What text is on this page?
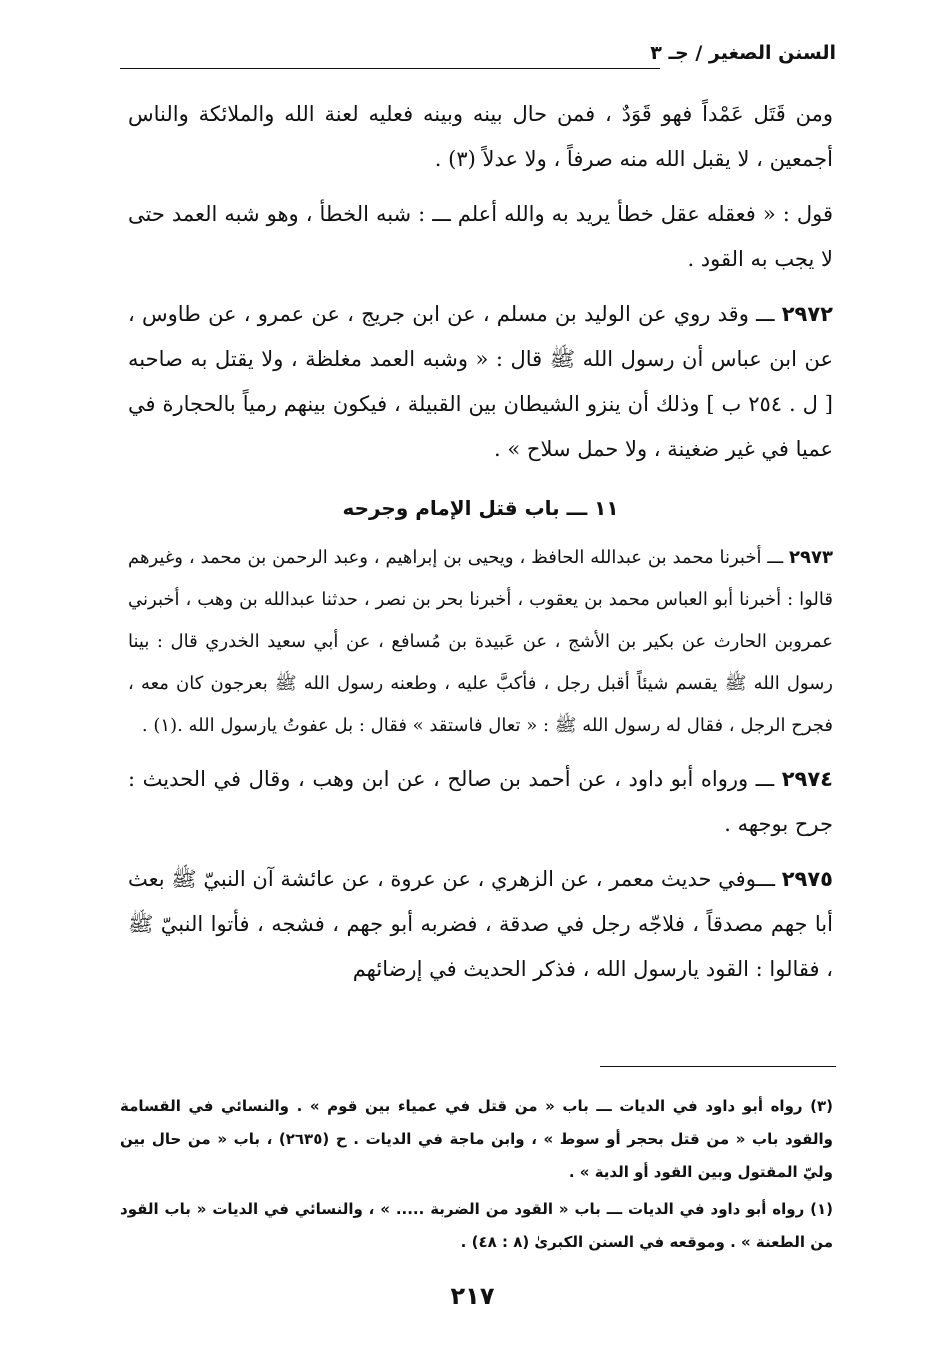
السنن الصغير / جـ ٣

ومن قَتَل عَمْداً فهو قَوَدٌ ، فمن حال بينه وبينه فعليه لعنة الله والملائكة والناس أجمعين ، لا يقبل الله منه صرفاً ، ولا عدلاً (٣) .

قول : « فعقله عقل خطأ يريد به والله أعلم ـــ : شبه الخطأ ، وهو شبه العمد حتى لا يجب به القود .

٢٩٧٢ ـــ وقد روي عن الوليد بن مسلم ، عن ابن جريج ، عن عمرو ، عن طاوس ، عن ابن عباس أن رسول الله ﷺ قال : « وشبه العمد مغلظة ، ولا يقتل به صاحبه [ ل . ٢٥٤ ب ] وذلك أن ينزو الشيطان بين القبيلة ، فيكون بينهم رمياً بالحجارة في عميا في غير ضغينة ، ولا حمل سلاح » .

١١ ـــ باب قتل الإمام وجرحه

٢٩٧٣ ـــ أخبرنا محمد بن عبدالله الحافظ ، ويحيى بن إبراهيم ، وعبد الرحمن بن محمد ، وغيرهم قالوا : أخبرنا أبو العباس محمد بن يعقوب ، أخبرنا بحر بن نصر ، حدثنا عبدالله بن وهب ، أخبرني عمروبن الحارث عن بكير بن الأشج ، عن عَبيدة بن مُسافع ، عن أبي سعيد الخدري قال : بينا رسول الله ﷺ يقسم شيئاً أقبل رجل ، فأكبَّ عليه ، وطعنه رسول الله ﷺ بعرجون كان معه ، فجرح الرجل ، فقال له رسول الله ﷺ : « تعال فاستقد » فقال : بل عفوتُ يارسول الله .(١) .

٢٩٧٤ ـــ ورواه أبو داود ، عن أحمد بن صالح ، عن ابن وهب ، وقال في الحديث : جرح بوجهه .

٢٩٧٥ ـــوفي حديث معمر ، عن الزهري ، عن عروة ، عن عائشة آن النبيّ ﷺ بعث أبا جهم مصدقاً ، فلاجّه رجل في صدقة ، فضربه أبو جهم ، فشجه ، فأتوا النبيّ ﷺ ، فقالوا : القود يارسول الله ، فذكر الحديث في إرضائهم

(٣) رواه أبو داود في الديات ـــ باب « من قتل في عمياء بين قوم » . والنسائي في القسامة والقود باب « من قتل بحجر أو سوط » ، وابن ماجة في الديات . ح (٢٦٣٥) ، باب « من حال بين وليّ المقتول وبين القود أو الدية » .

(١) رواه أبو داود في الديات ـــ باب « القود من الضربة ..... » ، والنسائي في الديات « باب القود من الطعنة » . وموقعه في السنن الكبرىٰ (٨ : ٤٨) .

٢١٧
